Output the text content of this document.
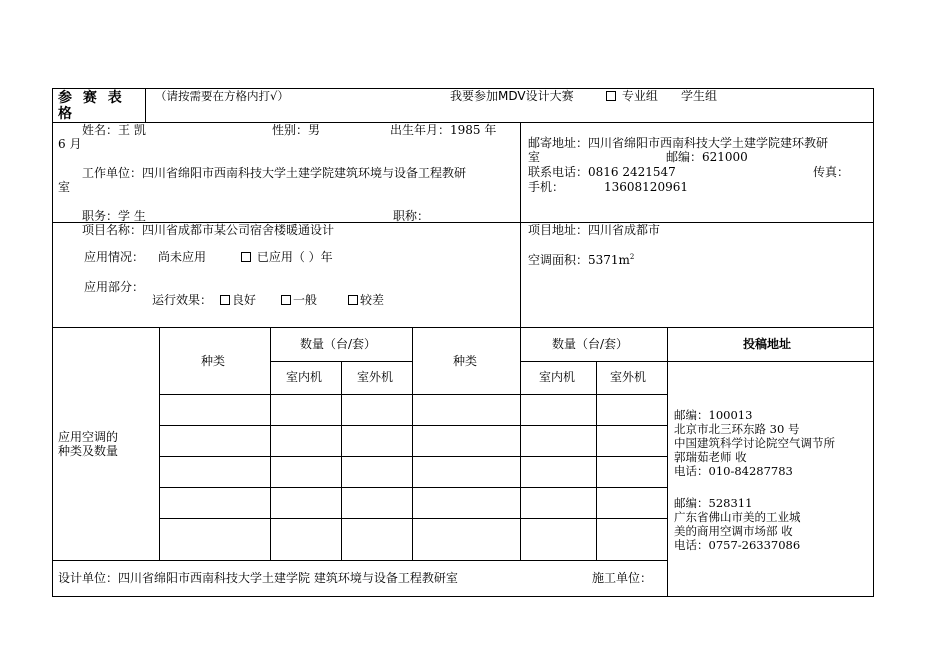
参 赛 表 格
（请按需要在方格内打√）	我要参加MDV设计大赛	专业组 学生组
姓名：王 凯	性别：男	出生年月：1985 年
6 月
工作单位：四川省绵阳市西南科技大学土建学院建筑环境与设备工程教研
室
职务：学 生	职称：
邮寄地址：四川省绵阳市西南科技大学土建学院建环教研
室	邮编：621000
联系电话：0816 2421547	传真：
手机：	13608120961
项目名称：四川省成都市某公司宿舍楼暖通设计
应用情况： 尚未应用	已应用（ ）年
应用部分：
运行效果：	良好	一般	较差
项目地址：四川省成都市
空调面积：$5371m^2$
应用空调的
种类及数量
种类
数量（台/套）
室内机	室外机
种类
数量（台/套）
室内机	室外机
投稿地址
邮编：100013
北京市北三环东路 30 号
中国建筑科学讨论院空气调节所
郭瑞茹老师 收
电话：010-84287783
邮编：528311
广东省佛山市美的工业城
美的商用空调市场部 收
电话：0757-26337086
设计单位：四川省绵阳市西南科技大学土建学院 建筑环境与设备工程教研室	施工单位：
